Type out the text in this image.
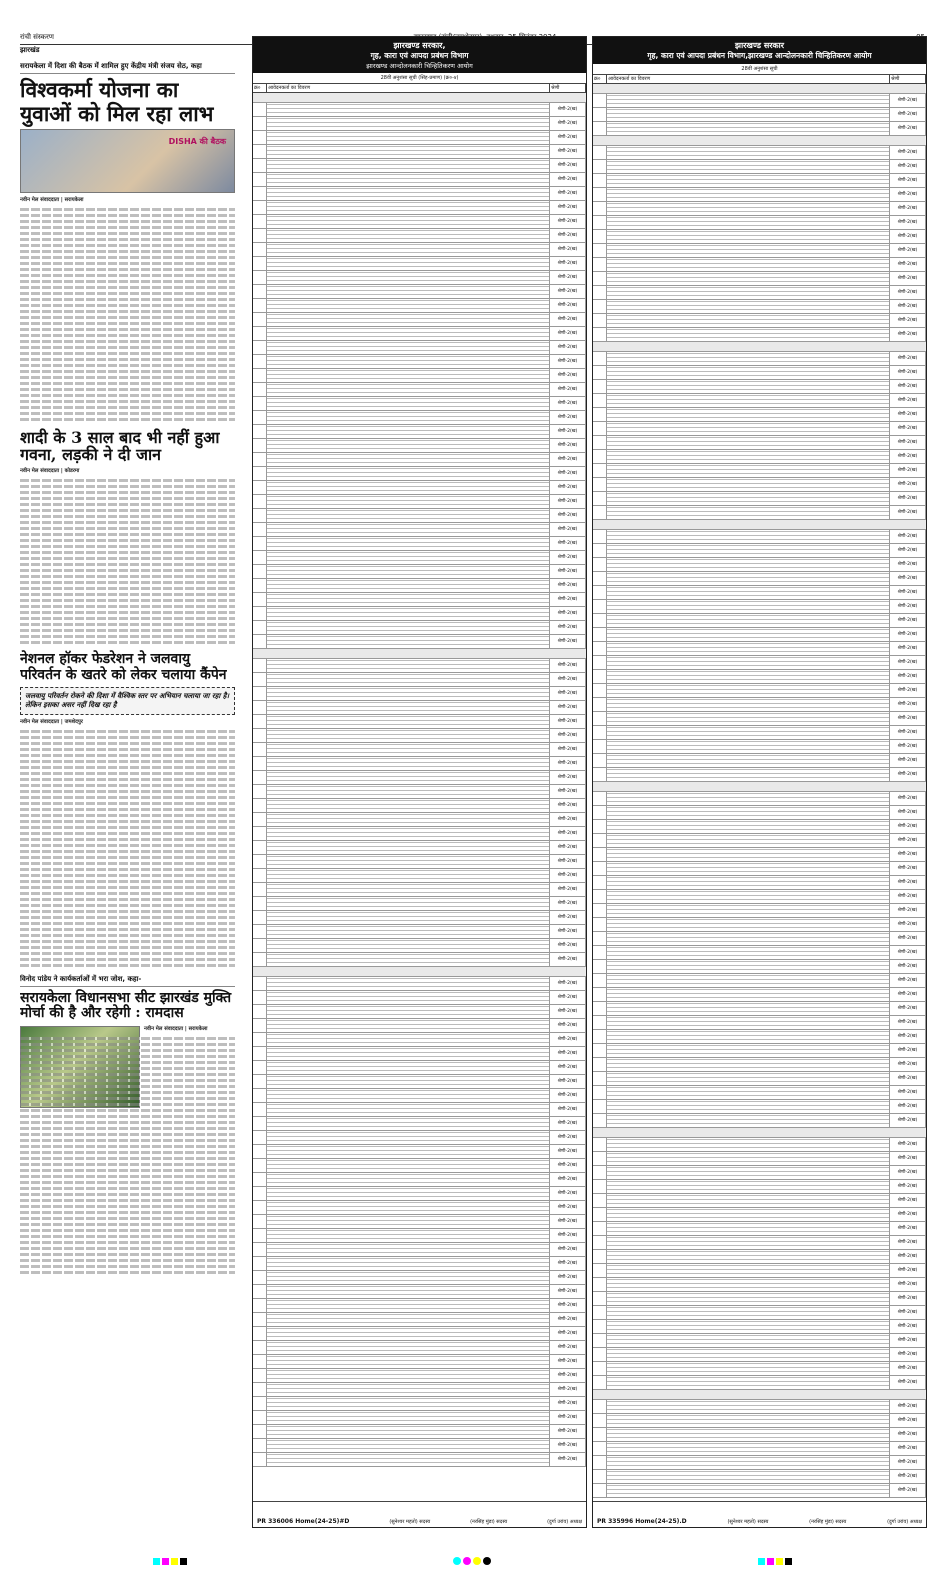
रांची संस्करण
झारखंड
सरायकेला में दिशा की बैठक में शामिल हुए केंद्रीय मंत्री संजय सेठ, कहा
विश्वकर्मा योजना का युवाओं को मिल रहा लाभ
DISHA की बैठक
नवीन मेल संवाददाता | सरायकेला
शादी के 3 साल बाद भी नहीं हुआ गवना, लड़की ने दी जान
नवीन मेल संवाददाता | कोडरमा
नेशनल हॉकर फेडरेशन ने जलवायु परिवर्तन के खतरे को लेकर चलाया कैंपेन
जलवायु परिवर्तन रोकने की दिशा में वैश्विक स्तर पर अभियान चलाया जा रहा है। लेकिन इसका असर नहीं दिख रहा है
नवीन मेल संवाददाता | जमशेदपुर
विनोद पांडेय ने कार्यकर्ताओं में भरा जोश, कहा-
सरायकेला विधानसभा सीट झारखंड मुक्ति मोर्चा की है और रहेगी : रामदास
नवीन मेल संवाददाता | सरायकेला
झारखण्ड सरकार,
गृह, कारा एवं आपदा प्रबंधन विभाग
झारखण्ड आन्दोलनकारी चिन्हितिकरण आयोग
28वीं अनुशंसा सूची (सिंह-प्रमाण) (क्र०-४)
क्र०	आवेदनकर्ता का विवरण	श्रेणी
श्रेणी-2(ख)
श्रेणी-2(ख)
श्रेणी-2(ख)
श्रेणी-2(ख)
श्रेणी-2(ख)
श्रेणी-2(ख)
श्रेणी-2(ख)
श्रेणी-2(ख)
श्रेणी-2(ख)
श्रेणी-2(ख)
श्रेणी-2(ख)
श्रेणी-2(ख)
श्रेणी-2(ख)
श्रेणी-2(ख)
श्रेणी-2(ख)
श्रेणी-2(ख)
श्रेणी-2(ख)
श्रेणी-2(ख)
श्रेणी-2(ख)
श्रेणी-2(ख)
श्रेणी-2(ख)
श्रेणी-2(ख)
श्रेणी-2(ख)
श्रेणी-2(ख)
श्रेणी-2(ख)
श्रेणी-2(ख)
श्रेणी-2(ख)
श्रेणी-2(ख)
श्रेणी-2(ख)
श्रेणी-2(ख)
श्रेणी-2(ख)
श्रेणी-2(ख)
श्रेणी-2(ख)
श्रेणी-2(ख)
श्रेणी-2(ख)
श्रेणी-2(ख)
श्रेणी-2(ख)
श्रेणी-2(ख)
श्रेणी-2(ख)
श्रेणी-2(ख)
श्रेणी-2(ख)
श्रेणी-2(ख)
श्रेणी-2(ख)
श्रेणी-2(ख)
श्रेणी-2(ख)
श्रेणी-2(ख)
श्रेणी-2(ख)
श्रेणी-2(ख)
श्रेणी-2(ख)
श्रेणी-2(ख)
श्रेणी-2(ख)
श्रेणी-2(ख)
श्रेणी-2(ख)
श्रेणी-2(ख)
श्रेणी-2(ख)
श्रेणी-2(ख)
श्रेणी-2(ख)
श्रेणी-2(ख)
श्रेणी-2(ख)
श्रेणी-2(ख)
श्रेणी-2(ख)
श्रेणी-2(ख)
श्रेणी-2(ख)
श्रेणी-2(ख)
श्रेणी-2(ख)
श्रेणी-2(ख)
श्रेणी-2(ख)
श्रेणी-2(ख)
श्रेणी-2(ख)
श्रेणी-2(ख)
श्रेणी-2(ख)
श्रेणी-2(ख)
श्रेणी-2(ख)
श्रेणी-2(ख)
श्रेणी-2(ख)
श्रेणी-2(ख)
श्रेणी-2(ख)
श्रेणी-2(ख)
श्रेणी-2(ख)
श्रेणी-2(ख)
श्रेणी-2(ख)
श्रेणी-2(ख)
श्रेणी-2(ख)
श्रेणी-2(ख)
श्रेणी-2(ख)
श्रेणी-2(ख)
श्रेणी-2(ख)
श्रेणी-2(ख)
श्रेणी-2(ख)
श्रेणी-2(ख)
श्रेणी-2(ख)
श्रेणी-2(ख)
श्रेणी-2(ख)
श्रेणी-2(ख)
श्रेणी-2(ख)
श्रेणी-2(ख)
PR 336006 Home(24-25)#D	(सुनेश्वर महतो) सदस्य	(नरसिंह मुंडा) सदस्य	(दुर्गा उरांव) अध्यक्ष
झारखण्ड सरकार
गृह, कारा एवं आपदा प्रबंधन विभाग,झारखण्ड आन्दोलनकारी चिन्हितिकरण आयोग
28वीं अनुशंसा सूची
क्र०	आवेदनकर्ता का विवरण	श्रेणी
श्रेणी-2(ख)
श्रेणी-2(ख)
श्रेणी-2(ख)
श्रेणी-2(ख)
श्रेणी-2(ख)
श्रेणी-2(ख)
श्रेणी-2(ख)
श्रेणी-2(ख)
श्रेणी-2(ख)
श्रेणी-2(ख)
श्रेणी-2(ख)
श्रेणी-2(ख)
श्रेणी-2(ख)
श्रेणी-2(ख)
श्रेणी-2(ख)
श्रेणी-2(ख)
श्रेणी-2(ख)
श्रेणी-2(ख)
श्रेणी-2(ख)
श्रेणी-2(ख)
श्रेणी-2(ख)
श्रेणी-2(ख)
श्रेणी-2(ख)
श्रेणी-2(ख)
श्रेणी-2(ख)
श्रेणी-2(ख)
श्रेणी-2(ख)
श्रेणी-2(ख)
श्रेणी-2(ख)
श्रेणी-2(ख)
श्रेणी-2(ख)
श्रेणी-2(ख)
श्रेणी-2(ख)
श्रेणी-2(ख)
श्रेणी-2(ख)
श्रेणी-2(ख)
श्रेणी-2(ख)
श्रेणी-2(ख)
श्रेणी-2(ख)
श्रेणी-2(ख)
श्रेणी-2(ख)
श्रेणी-2(ख)
श्रेणी-2(ख)
श्रेणी-2(ख)
श्रेणी-2(ख)
श्रेणी-2(ख)
श्रेणी-2(ख)
श्रेणी-2(ख)
श्रेणी-2(ख)
श्रेणी-2(ख)
श्रेणी-2(ख)
श्रेणी-2(ख)
श्रेणी-2(ख)
श्रेणी-2(ख)
श्रेणी-2(ख)
श्रेणी-2(ख)
श्रेणी-2(ख)
श्रेणी-2(ख)
श्रेणी-2(ख)
श्रेणी-2(ख)
श्रेणी-2(ख)
श्रेणी-2(ख)
श्रेणी-2(ख)
श्रेणी-2(ख)
श्रेणी-2(ख)
श्रेणी-2(ख)
श्रेणी-2(ख)
श्रेणी-2(ख)
श्रेणी-2(ख)
श्रेणी-2(ख)
श्रेणी-2(ख)
श्रेणी-2(ख)
श्रेणी-2(ख)
श्रेणी-2(ख)
श्रेणी-2(ख)
श्रेणी-2(ख)
श्रेणी-2(ख)
श्रेणी-2(ख)
श्रेणी-2(ख)
श्रेणी-2(ख)
श्रेणी-2(ख)
श्रेणी-2(ख)
श्रेणी-2(ख)
श्रेणी-2(ख)
श्रेणी-2(ख)
श्रेणी-2(ख)
श्रेणी-2(ख)
श्रेणी-2(ख)
श्रेणी-2(ख)
श्रेणी-2(ख)
श्रेणी-2(ख)
श्रेणी-2(ख)
श्रेणी-2(ख)
श्रेणी-2(ख)
श्रेणी-2(ख)
श्रेणी-2(ख)
PR 335996 Home(24-25).D	(सुनेश्वर महतो) सदस्य	(नरसिंह मुंडा) सदस्य	(दुर्गा उरांव) अध्यक्ष
